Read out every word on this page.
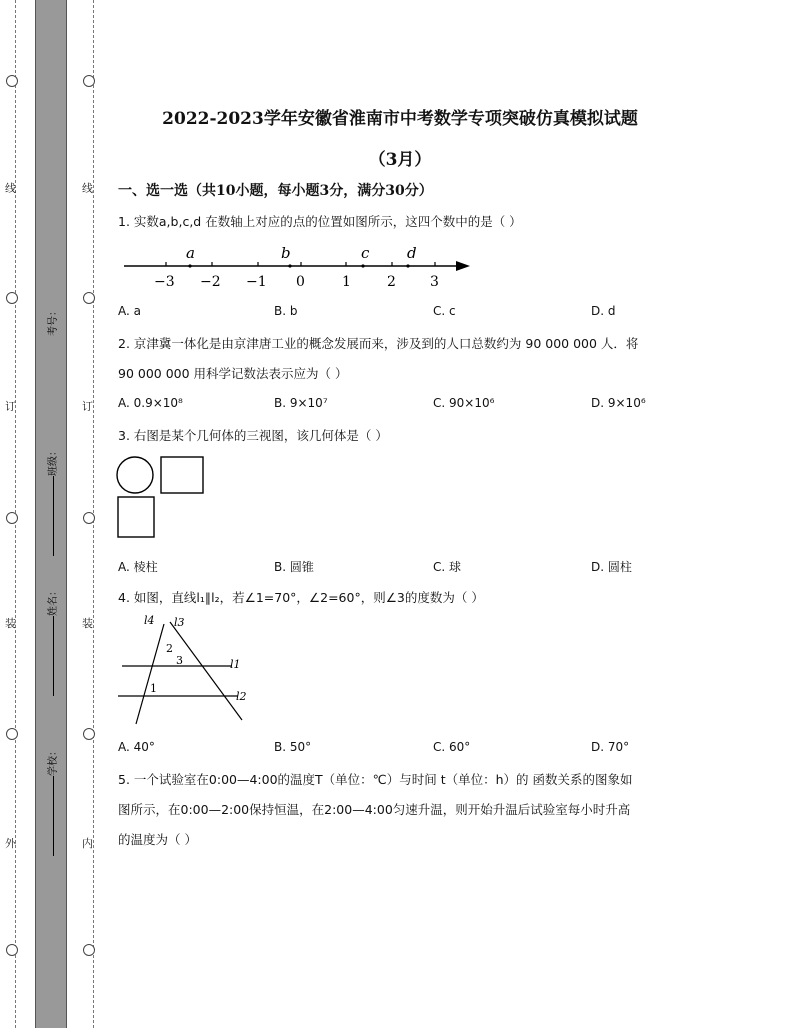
线
订
装
外
线
订
装
内
考号：
班级：
姓名：
学校：
2022-2023学年安徽省淮南市中考数学专项突破仿真模拟试题
（3月）
一、选一选（共10小题，每小题3分，满分30分）
1. 实数a,b,c,d 在数轴上对应的点的位置如图所示，这四个数中的是（ ）
a	b	c	d
−3 −2 −1 0	1	2 3
A. a	B. b	C. c	D. d
2. 京津冀一体化是由京津唐工业的概念发展而来，涉及到的人口总数约为 90 000 000 人．将
90 000 000 用科学记数法表示应为（ ）
A. 0.9×10⁸	B. 9×10⁷	C. 90×10⁶	D. 9×10⁶
3. 右图是某个几何体的三视图，该几何体是（ ）
A. 棱柱	B. 圆锥	C. 球	D. 圆柱
4. 如图，直线l₁∥l₂，若∠1=70°，∠2=60°，则∠3的度数为（ ）
l4 l3
2
3	l1
1
l2
A. 40°	B. 50°	C. 60°	D. 70°
5. 一个试验室在0:00—4:00的温度T（单位：℃）与时间 t（单位：h）的 函数关系的图象如
图所示，在0:00—2:00保持恒温，在2:00—4:00匀速升温，则开始升温后试验室每小时升高
的温度为（ ）
